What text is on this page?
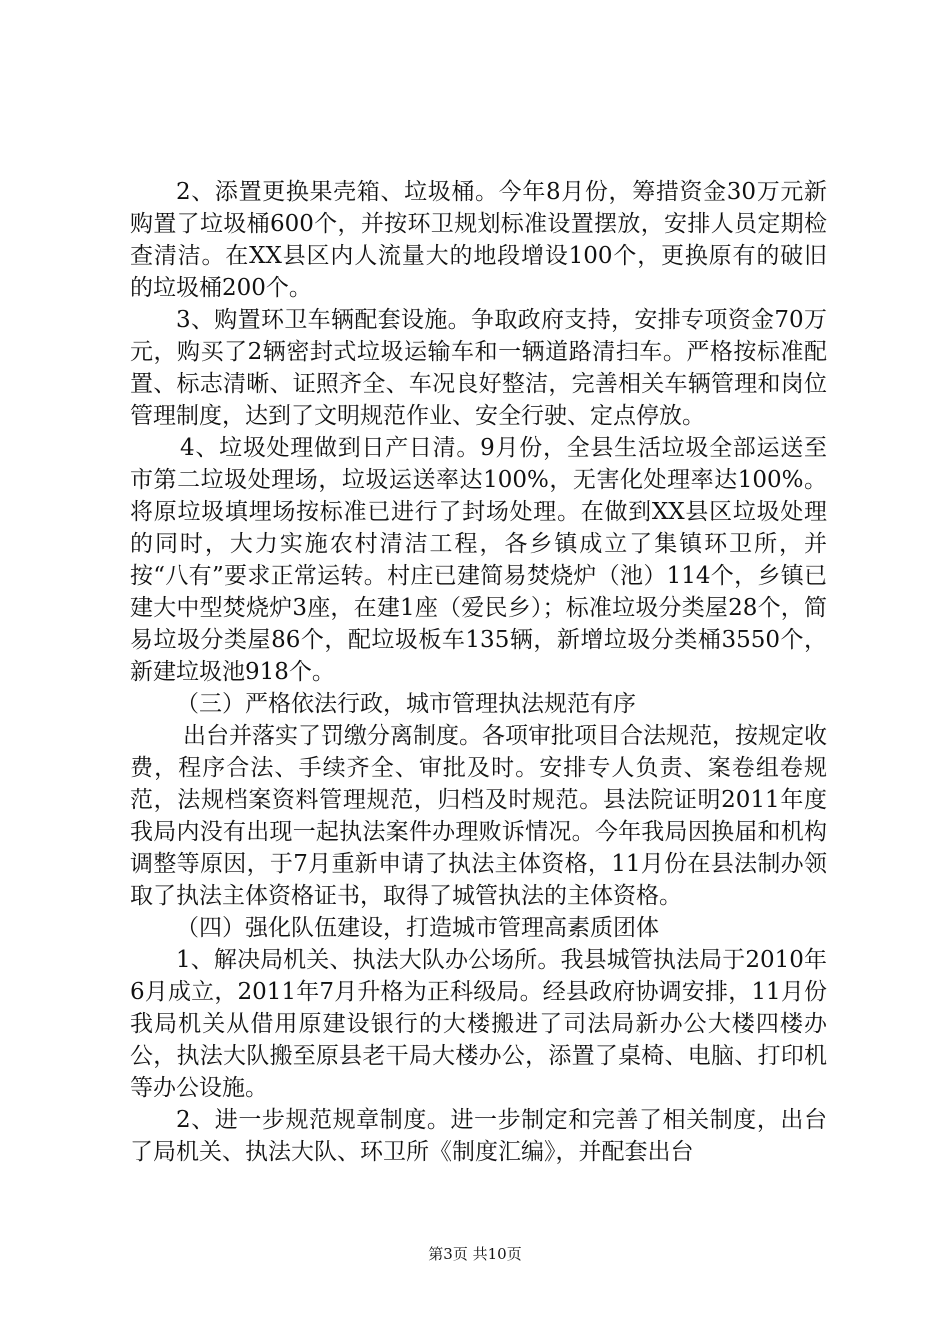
2、添置更换果壳箱、垃圾桶。今年8月份，筹措资金30万元新购置了垃圾桶600个，并按环卫规划标准设置摆放，安排人员定期检查清洁。在XX县区内人流量大的地段增设100个，更换原有的破旧的垃圾桶200个。

3、购置环卫车辆配套设施。争取政府支持，安排专项资金70万元，购买了2辆密封式垃圾运输车和一辆道路清扫车。严格按标准配置、标志清晰、证照齐全、车况良好整洁，完善相关车辆管理和岗位管理制度，达到了文明规范作业、安全行驶、定点停放。

4、垃圾处理做到日产日清。9月份，全县生活垃圾全部运送至市第二垃圾处理场，垃圾运送率达100%，无害化处理率达100%。将原垃圾填埋场按标准已进行了封场处理。在做到XX县区垃圾处理的同时，大力实施农村清洁工程，各乡镇成立了集镇环卫所，并按“八有”要求正常运转。村庄已建简易焚烧炉（池）114个，乡镇已建大中型焚烧炉3座，在建1座（爱民乡）；标准垃圾分类屋28个，简易垃圾分类屋86个，配垃圾板车135辆，新增垃圾分类桶3550个，新建垃圾池918个。

（三）严格依法行政，城市管理执法规范有序

出台并落实了罚缴分离制度。各项审批项目合法规范，按规定收费，程序合法、手续齐全、审批及时。安排专人负责、案卷组卷规范，法规档案资料管理规范，归档及时规范。县法院证明2011年度我局内没有出现一起执法案件办理败诉情况。今年我局因换届和机构调整等原因，于7月重新申请了执法主体资格，11月份在县法制办领取了执法主体资格证书，取得了城管执法的主体资格。

（四）强化队伍建设，打造城市管理高素质团体

1、解决局机关、执法大队办公场所。我县城管执法局于2010年6月成立，2011年7月升格为正科级局。经县政府协调安排，11月份我局机关从借用原建设银行的大楼搬进了司法局新办公大楼四楼办公，执法大队搬至原县老干局大楼办公，添置了桌椅、电脑、打印机等办公设施。

2、进一步规范规章制度。进一步制定和完善了相关制度，出台了局机关、执法大队、环卫所《制度汇编》，并配套出台

第3页 共10页
